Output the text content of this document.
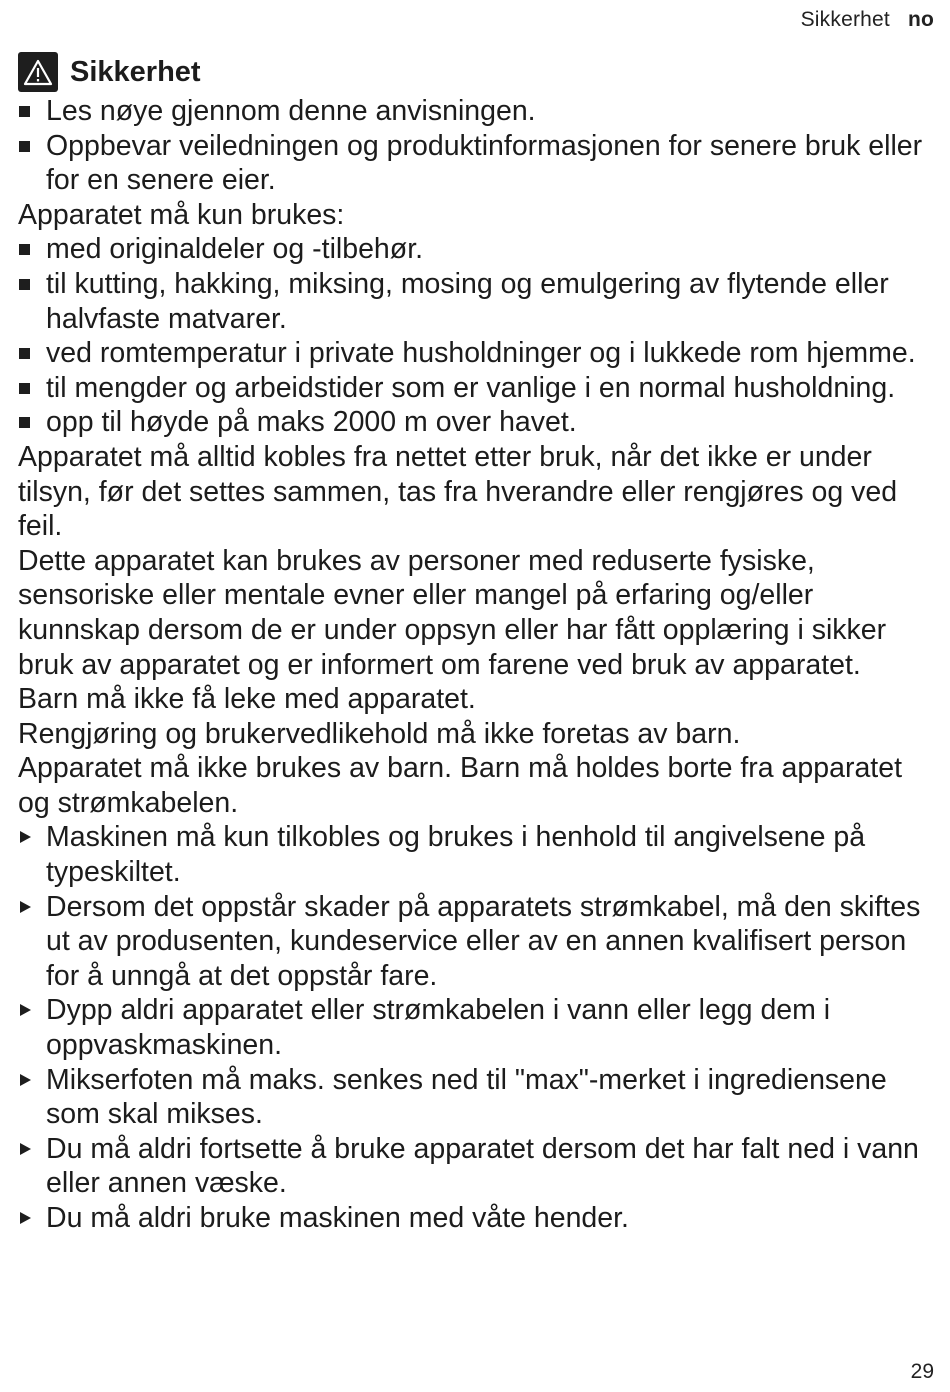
Sikkerhet no
Sikkerhet
Les nøye gjennom denne anvisningen.
Oppbevar veiledningen og produktinformasjonen for senere bruk eller for en senere eier.
Apparatet må kun brukes:
med originaldeler og -tilbehør.
til kutting, hakking, miksing, mosing og emulgering av flytende eller halvfaste matvarer.
ved romtemperatur i private husholdninger og i lukkede rom hjemme.
til mengder og arbeidstider som er vanlige i en normal husholdning.
opp til høyde på maks 2000 m over havet.
Apparatet må alltid kobles fra nettet etter bruk, når det ikke er under tilsyn, før det settes sammen, tas fra hverandre eller rengjøres og ved feil.
Dette apparatet kan brukes av personer med reduserte fysiske, sensoriske eller mentale evner eller mangel på erfaring og/eller kunnskap dersom de er under oppsyn eller har fått opplæring i sikker bruk av apparatet og er informert om farene ved bruk av apparatet.
Barn må ikke få leke med apparatet.
Rengjøring og brukervedlikehold må ikke foretas av barn.
Apparatet må ikke brukes av barn. Barn må holdes borte fra apparatet og strømkabelen.
Maskinen må kun tilkobles og brukes i henhold til angivelsene på typeskiltet.
Dersom det oppstår skader på apparatets strømkabel, må den skiftes ut av produsenten, kundeservice eller av en annen kvalifisert person for å unngå at det oppstår fare.
Dypp aldri apparatet eller strømkabelen i vann eller legg dem i oppvaskmaskinen.
Mikserfoten må maks. senkes ned til "max"-merket i ingrediensene som skal mikses.
Du må aldri fortsette å bruke apparatet dersom det har falt ned i vann eller annen væske.
Du må aldri bruke maskinen med våte hender.
29
